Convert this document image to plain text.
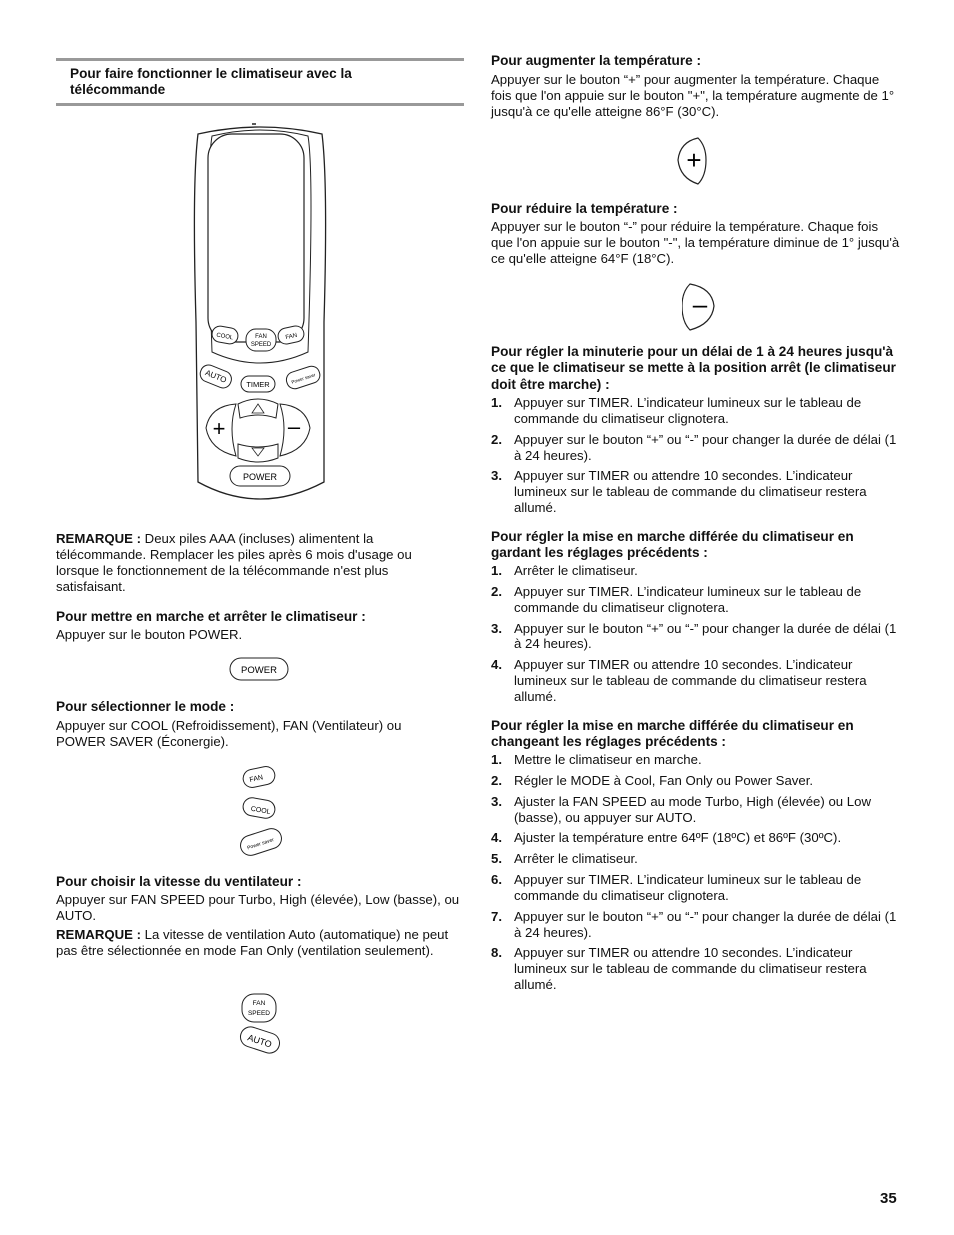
Pour faire fonctionner le climatiseur avec la télécommande
COOL	FAN
SPEED
FAN
AUTO TIMER	Power saver
+	–
POWER
REMARQUE : Deux piles AAA (incluses) alimentent la télécommande. Remplacer les piles après 6 mois d'usage ou lorsque le fonctionnement de la télécommande n'est plus satisfaisant.
Pour mettre en marche et arrêter le climatiseur :
Appuyer sur le bouton POWER.
POWER
Pour sélectionner le mode :
Appuyer sur COOL (Refroidissement), FAN (Ventilateur) ou POWER SAVER (Éconergie).
FAN
COOL
Power saver
Pour choisir la vitesse du ventilateur :
Appuyer sur FAN SPEED pour Turbo, High (élevée), Low (basse), ou AUTO.
REMARQUE : La vitesse de ventilation Auto (automatique) ne peut pas être sélectionnée en mode Fan Only (ventilation seulement).
FAN
SPEED
AUTO
Pour augmenter la température :
Appuyer sur le bouton “+” pour augmenter la température. Chaque fois que l'on appuie sur le bouton "+", la température augmente de 1° jusqu'à ce qu'elle atteigne 86°F (30°C).
+
Pour réduire la température :
Appuyer sur le bouton “-” pour réduire la température. Chaque fois que l'on appuie sur le bouton "-", la température diminue de 1° jusqu'à ce qu'elle atteigne 64°F (18°C).
–
Pour régler la minuterie pour un délai de 1 à 24 heures jusqu'à ce que le climatiseur se mette à la position arrêt (le climatiseur doit être marche) :
1. Appuyer sur TIMER. L’indicateur lumineux sur le tableau de commande du climatiseur clignotera.
2. Appuyer sur le bouton “+” ou “-” pour changer la durée de délai (1 à 24 heures).
3. Appuyer sur TIMER ou attendre 10 secondes. L’indicateur lumineux sur le tableau de commande du climatiseur restera allumé.
Pour régler la mise en marche différée du climatiseur en gardant les réglages précédents :
1. Arrêter le climatiseur.
2. Appuyer sur TIMER. L’indicateur lumineux sur le tableau de commande du climatiseur clignotera.
3. Appuyer sur le bouton “+” ou “-” pour changer la durée de délai (1 à 24 heures).
4. Appuyer sur TIMER ou attendre 10 secondes. L’indicateur lumineux sur le tableau de commande du climatiseur restera allumé.
Pour régler la mise en marche différée du climatiseur en changeant les réglages précédents :
1. Mettre le climatiseur en marche.
2. Régler le MODE à Cool, Fan Only ou Power Saver.
3. Ajuster la FAN SPEED au mode Turbo, High (élevée) ou Low (basse), ou appuyer sur AUTO.
4. Ajuster la température entre 64ºF (18ºC) et 86ºF (30ºC).
5. Arrêter le climatiseur.
6. Appuyer sur TIMER. L’indicateur lumineux sur le tableau de commande du climatiseur clignotera.
7. Appuyer sur le bouton “+” ou “-” pour changer la durée de délai (1 à 24 heures).
8. Appuyer sur TIMER ou attendre 10 secondes. L’indicateur lumineux sur le tableau de commande du climatiseur restera allumé.
35
